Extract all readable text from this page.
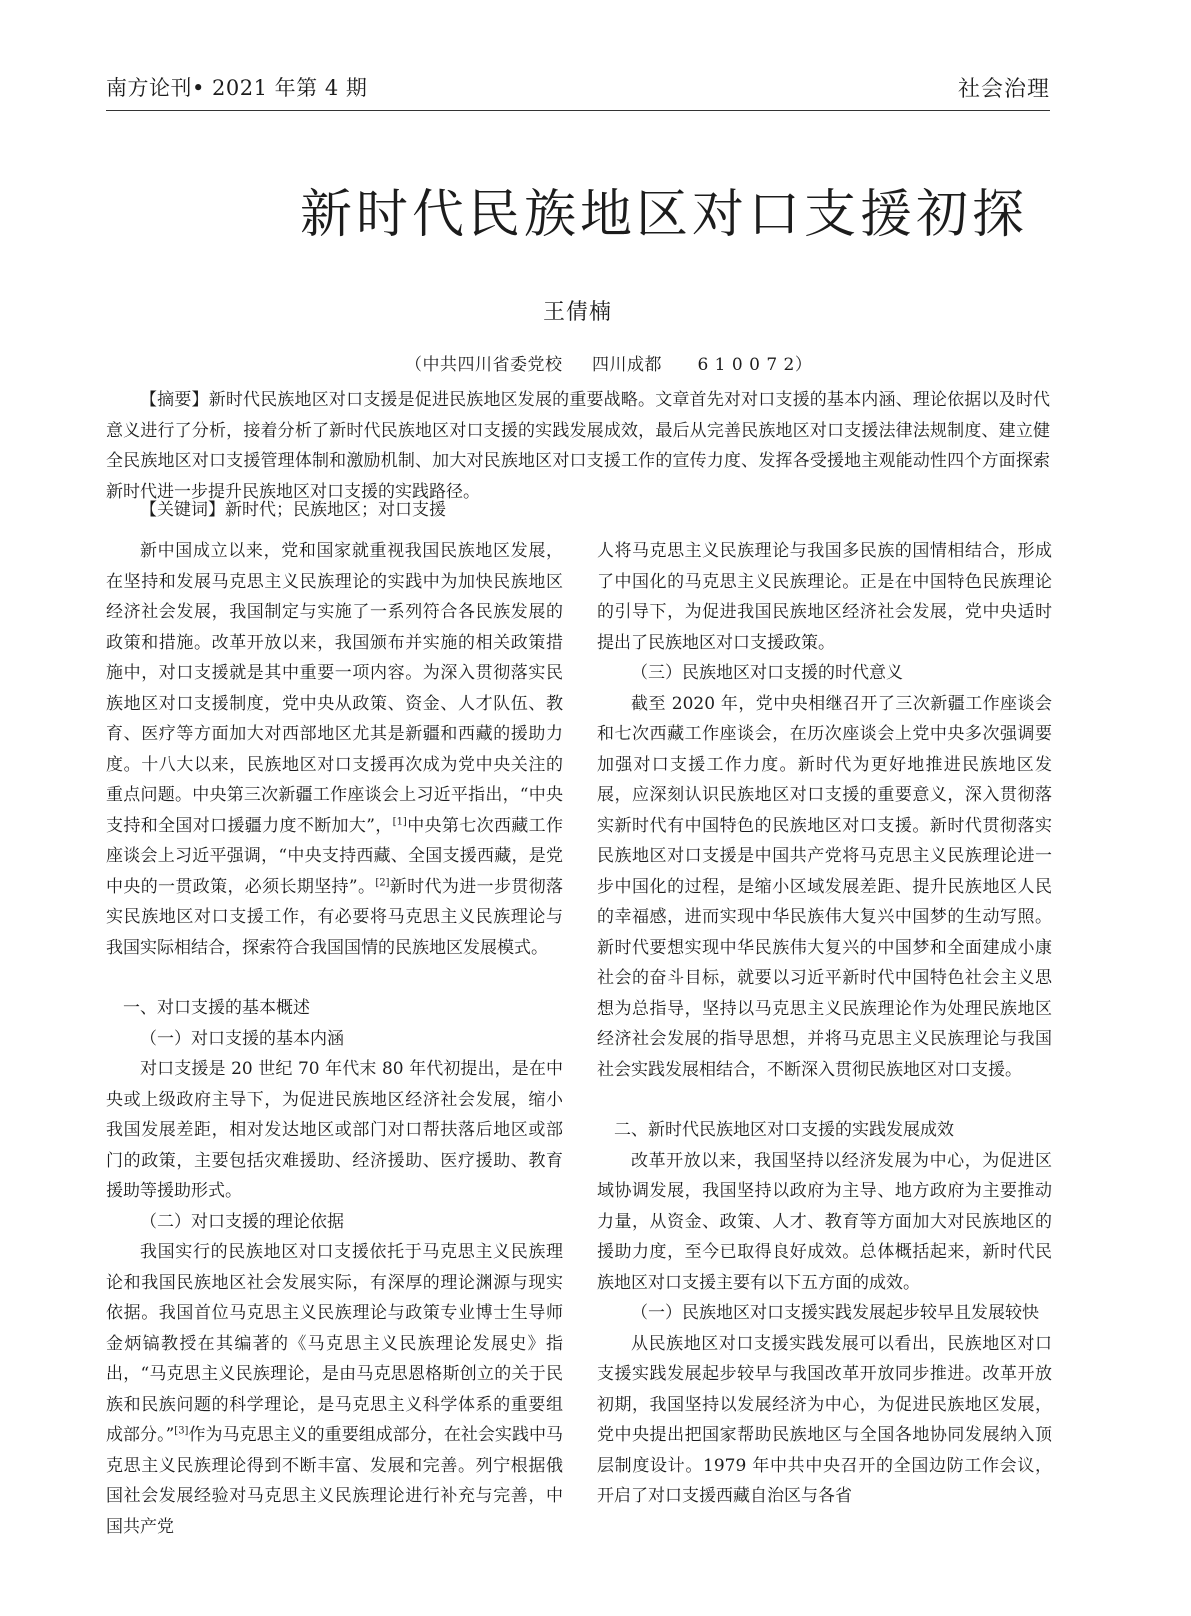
南方论刊• 2021 年第 4 期	社会治理
新时代民族地区对口支援初探
王倩楠
（中共四川省委党校     四川成都      6 1 0 0 7 2）

【摘要】新时代民族地区对口支援是促进民族地区发展的重要战略。文章首先对对口支援的基本内涵、理论依据以及时代意义进行了分析，接着分析了新时代民族地区对口支援的实践发展成效，最后从完善民族地区对口支援法律法规制度、建立健全民族地区对口支援管理体制和激励机制、加大对民族地区对口支援工作的宣传力度、发挥各受援地主观能动性四个方面探索新时代进一步提升民族地区对口支援的实践路径。

【关键词】新时代；民族地区；对口支援

新中国成立以来，党和国家就重视我国民族地区发展，在坚持和发展马克思主义民族理论的实践中为加快民族地区经济社会发展，我国制定与实施了一系列符合各民族发展的政策和措施。改革开放以来，我国颁布并实施的相关政策措施中，对口支援就是其中重要一项内容。为深入贯彻落实民族地区对口支援制度，党中央从政策、资金、人才队伍、教育、医疗等方面加大对西部地区尤其是新疆和西藏的援助力度。十八大以来，民族地区对口支援再次成为党中央关注的重点问题。中央第三次新疆工作座谈会上习近平指出，“中央支持和全国对口援疆力度不断加大”，[1]中央第七次西藏工作座谈会上习近平强调，“中央支持西藏、全国支援西藏，是党中央的一贯政策，必须长期坚持”。[2]新时代为进一步贯彻落实民族地区对口支援工作，有必要将马克思主义民族理论与我国实际相结合，探索符合我国国情的民族地区发展模式。

一、对口支援的基本概述

（一）对口支援的基本内涵

对口支援是 20 世纪 70 年代末 80 年代初提出，是在中央或上级政府主导下，为促进民族地区经济社会发展，缩小我国发展差距，相对发达地区或部门对口帮扶落后地区或部门的政策，主要包括灾难援助、经济援助、医疗援助、教育援助等援助形式。

（二）对口支援的理论依据

我国实行的民族地区对口支援依托于马克思主义民族理论和我国民族地区社会发展实际，有深厚的理论渊源与现实依据。我国首位马克思主义民族理论与政策专业博士生导师金炳镐教授在其编著的《马克思主义民族理论发展史》指出，“马克思主义民族理论，是由马克思恩格斯创立的关于民族和民族问题的科学理论，是马克思主义科学体系的重要组成部分。”[3]作为马克思主义的重要组成部分，在社会实践中马克思主义民族理论得到不断丰富、发展和完善。列宁根据俄国社会发展经验对马克思主义民族理论进行补充与完善，中国共产党

人将马克思主义民族理论与我国多民族的国情相结合，形成了中国化的马克思主义民族理论。正是在中国特色民族理论的引导下，为促进我国民族地区经济社会发展，党中央适时提出了民族地区对口支援政策。

（三）民族地区对口支援的时代意义

截至 2020 年，党中央相继召开了三次新疆工作座谈会和七次西藏工作座谈会，在历次座谈会上党中央多次强调要加强对口支援工作力度。新时代为更好地推进民族地区发展，应深刻认识民族地区对口支援的重要意义，深入贯彻落实新时代有中国特色的民族地区对口支援。新时代贯彻落实民族地区对口支援是中国共产党将马克思主义民族理论进一步中国化的过程，是缩小区域发展差距、提升民族地区人民的幸福感，进而实现中华民族伟大复兴中国梦的生动写照。新时代要想实现中华民族伟大复兴的中国梦和全面建成小康社会的奋斗目标，就要以习近平新时代中国特色社会主义思想为总指导，坚持以马克思主义民族理论作为处理民族地区经济社会发展的指导思想，并将马克思主义民族理论与我国社会实践发展相结合，不断深入贯彻民族地区对口支援。

二、新时代民族地区对口支援的实践发展成效

改革开放以来，我国坚持以经济发展为中心，为促进区域协调发展，我国坚持以政府为主导、地方政府为主要推动力量，从资金、政策、人才、教育等方面加大对民族地区的援助力度，至今已取得良好成效。总体概括起来，新时代民族地区对口支援主要有以下五方面的成效。

（一）民族地区对口支援实践发展起步较早且发展较快

从民族地区对口支援实践发展可以看出，民族地区对口支援实践发展起步较早与我国改革开放同步推进。改革开放初期，我国坚持以发展经济为中心，为促进民族地区发展，党中央提出把国家帮助民族地区与全国各地协同发展纳入顶层制度设计。1979 年中共中央召开的全国边防工作会议，开启了对口支援西藏自治区与各省
